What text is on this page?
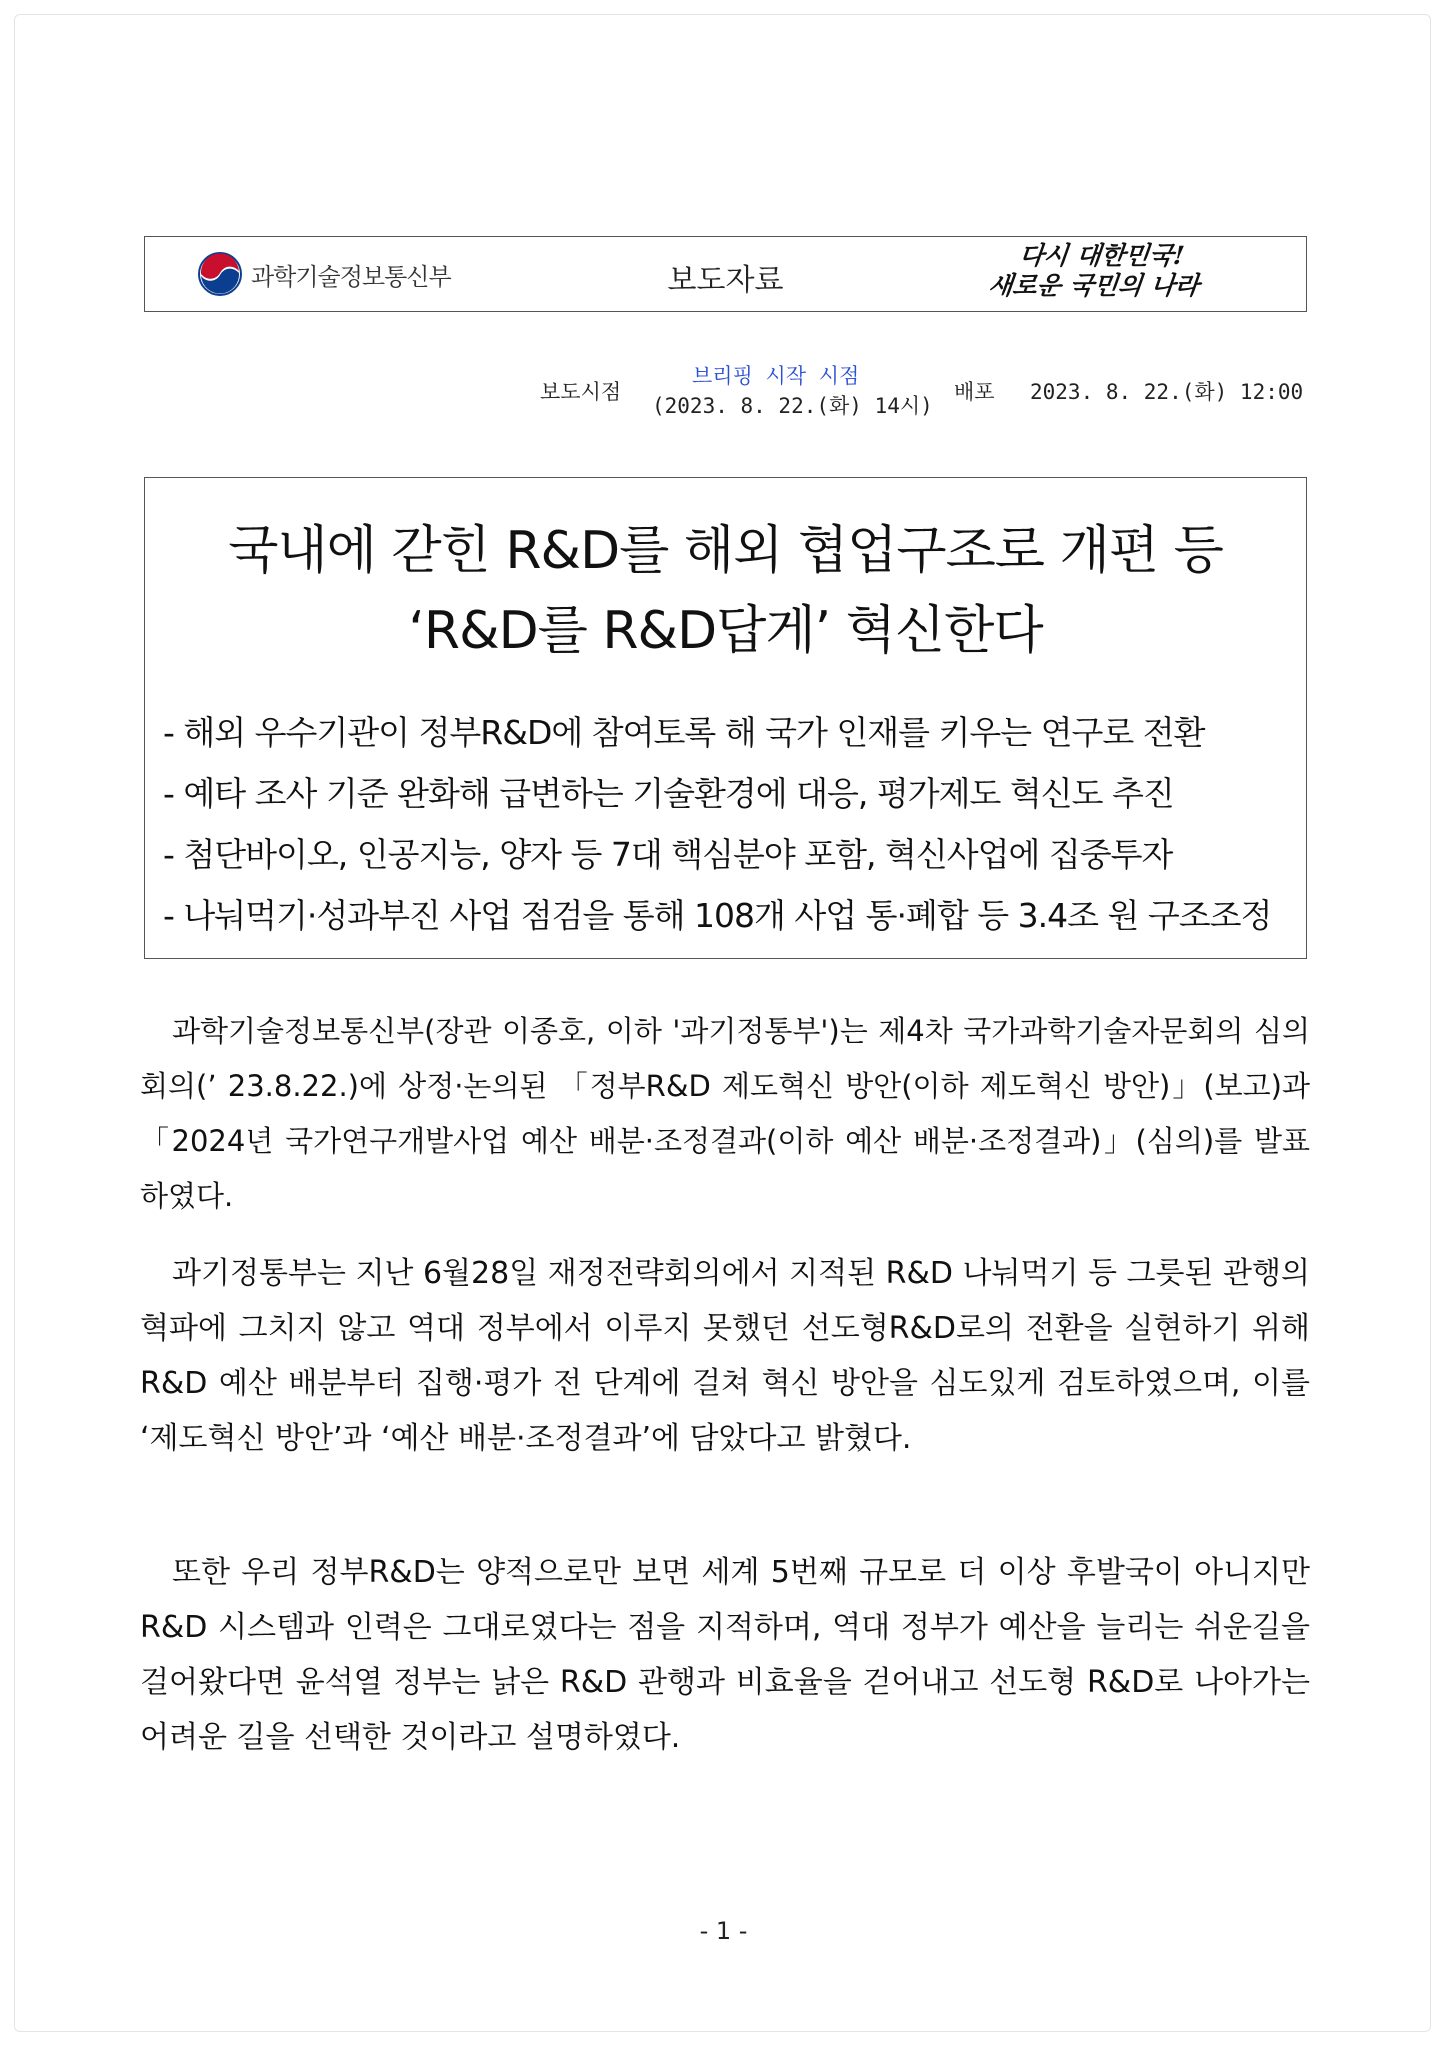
과학기술정보통신부	보도자료
다시 대한민국!
새로운 국민의 나라
보도시점
브리핑 시작 시점
(2023. 8. 22.(화) 14시)
배포 2023. 8. 22.(화) 12:00
국내에 갇힌 R&D를 해외 협업구조로 개편 등
‘R&D를 R&D답게’ 혁신한다
- 해외 우수기관이 정부R&D에 참여토록 해 국가 인재를 키우는 연구로 전환
- 예타 조사 기준 완화해 급변하는 기술환경에 대응, 평가제도 혁신도 추진
- 첨단바이오, 인공지능, 양자 등 7대 핵심분야 포함, 혁신사업에 집중투자
- 나눠먹기·성과부진 사업 점검을 통해 108개 사업 통·폐합 등 3.4조 원 구조조정

과학기술정보통신부(장관 이종호, 이하 '과기정통부')는 제4차 국가과학기술자문회의 심의회의(’ 23.8.22.)에 상정·논의된 「정부R&D 제도혁신 방안(이하 제도혁신 방안)」(보고)과 「2024년 국가연구개발사업 예산 배분·조정결과(이하 예산 배분·조정결과)」(심의)를 발표하였다.

과기정통부는 지난 6월28일 재정전략회의에서 지적된 R&D 나눠먹기 등 그릇된 관행의 혁파에 그치지 않고 역대 정부에서 이루지 못했던 선도형R&D로의 전환을 실현하기 위해 R&D 예산 배분부터 집행·평가 전 단계에 걸쳐 혁신 방안을 심도있게 검토하였으며, 이를 ‘제도혁신 방안’과 ‘예산 배분·조정결과’에 담았다고 밝혔다.

또한 우리 정부R&D는 양적으로만 보면 세계 5번째 규모로 더 이상 후발국이 아니지만 R&D 시스템과 인력은 그대로였다는 점을 지적하며, 역대 정부가 예산을 늘리는 쉬운길을 걸어왔다면 윤석열 정부는 낡은 R&D 관행과 비효율을 걷어내고 선도형 R&D로 나아가는 어려운 길을 선택한 것이라고 설명하였다.

- 1 -
